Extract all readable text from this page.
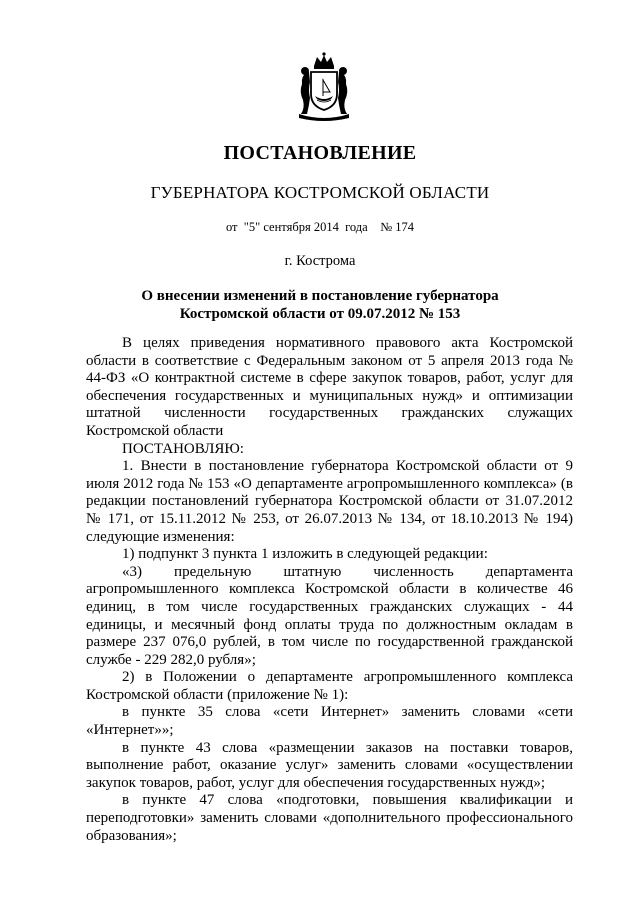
ПОСТАНОВЛЕНИЕ
ГУБЕРНАТОРА КОСТРОМСКОЙ ОБЛАСТИ
от "5" сентября 2014 года № 174
г. Кострома
О внесении изменений в постановление губернатора
Костромской области от 09.07.2012 № 153

В целях приведения нормативного правового акта Костромской области в соответствие с Федеральным законом от 5 апреля 2013 года № 44-ФЗ «О контрактной системе в сфере закупок товаров, работ, услуг для обеспечения государственных и муниципальных нужд» и оптимизации штатной численности государственных гражданских служащих Костромской области

ПОСТАНОВЛЯЮ:

1. Внести в постановление губернатора Костромской области от 9 июля 2012 года № 153 «О департаменте агропромышленного комплекса» (в редакции постановлений губернатора Костромской области от 31.07.2012 № 171, от 15.11.2012 № 253, от 26.07.2013 № 134, от 18.10.2013 № 194) следующие изменения:

1) подпункт 3 пункта 1 изложить в следующей редакции:

«3) предельную штатную численность департамента агропромышленного комплекса Костромской области в количестве 46 единиц, в том числе государственных гражданских служащих - 44 единицы, и месячный фонд оплаты труда по должностным окладам в размере 237 076,0 рублей, в том числе по государственной гражданской службе - 229 282,0 рубля»;

2) в Положении о департаменте агропромышленного комплекса Костромской области (приложение № 1):

в пункте 35 слова «сети Интернет» заменить словами «сети «Интернет»»;

в пункте 43 слова «размещении заказов на поставки товаров, выполнение работ, оказание услуг» заменить словами «осуществлении закупок товаров, работ, услуг для обеспечения государственных нужд»;

в пункте 47 слова «подготовки, повышения квалификации и переподготовки» заменить словами «дополнительного профессионального образования»;
